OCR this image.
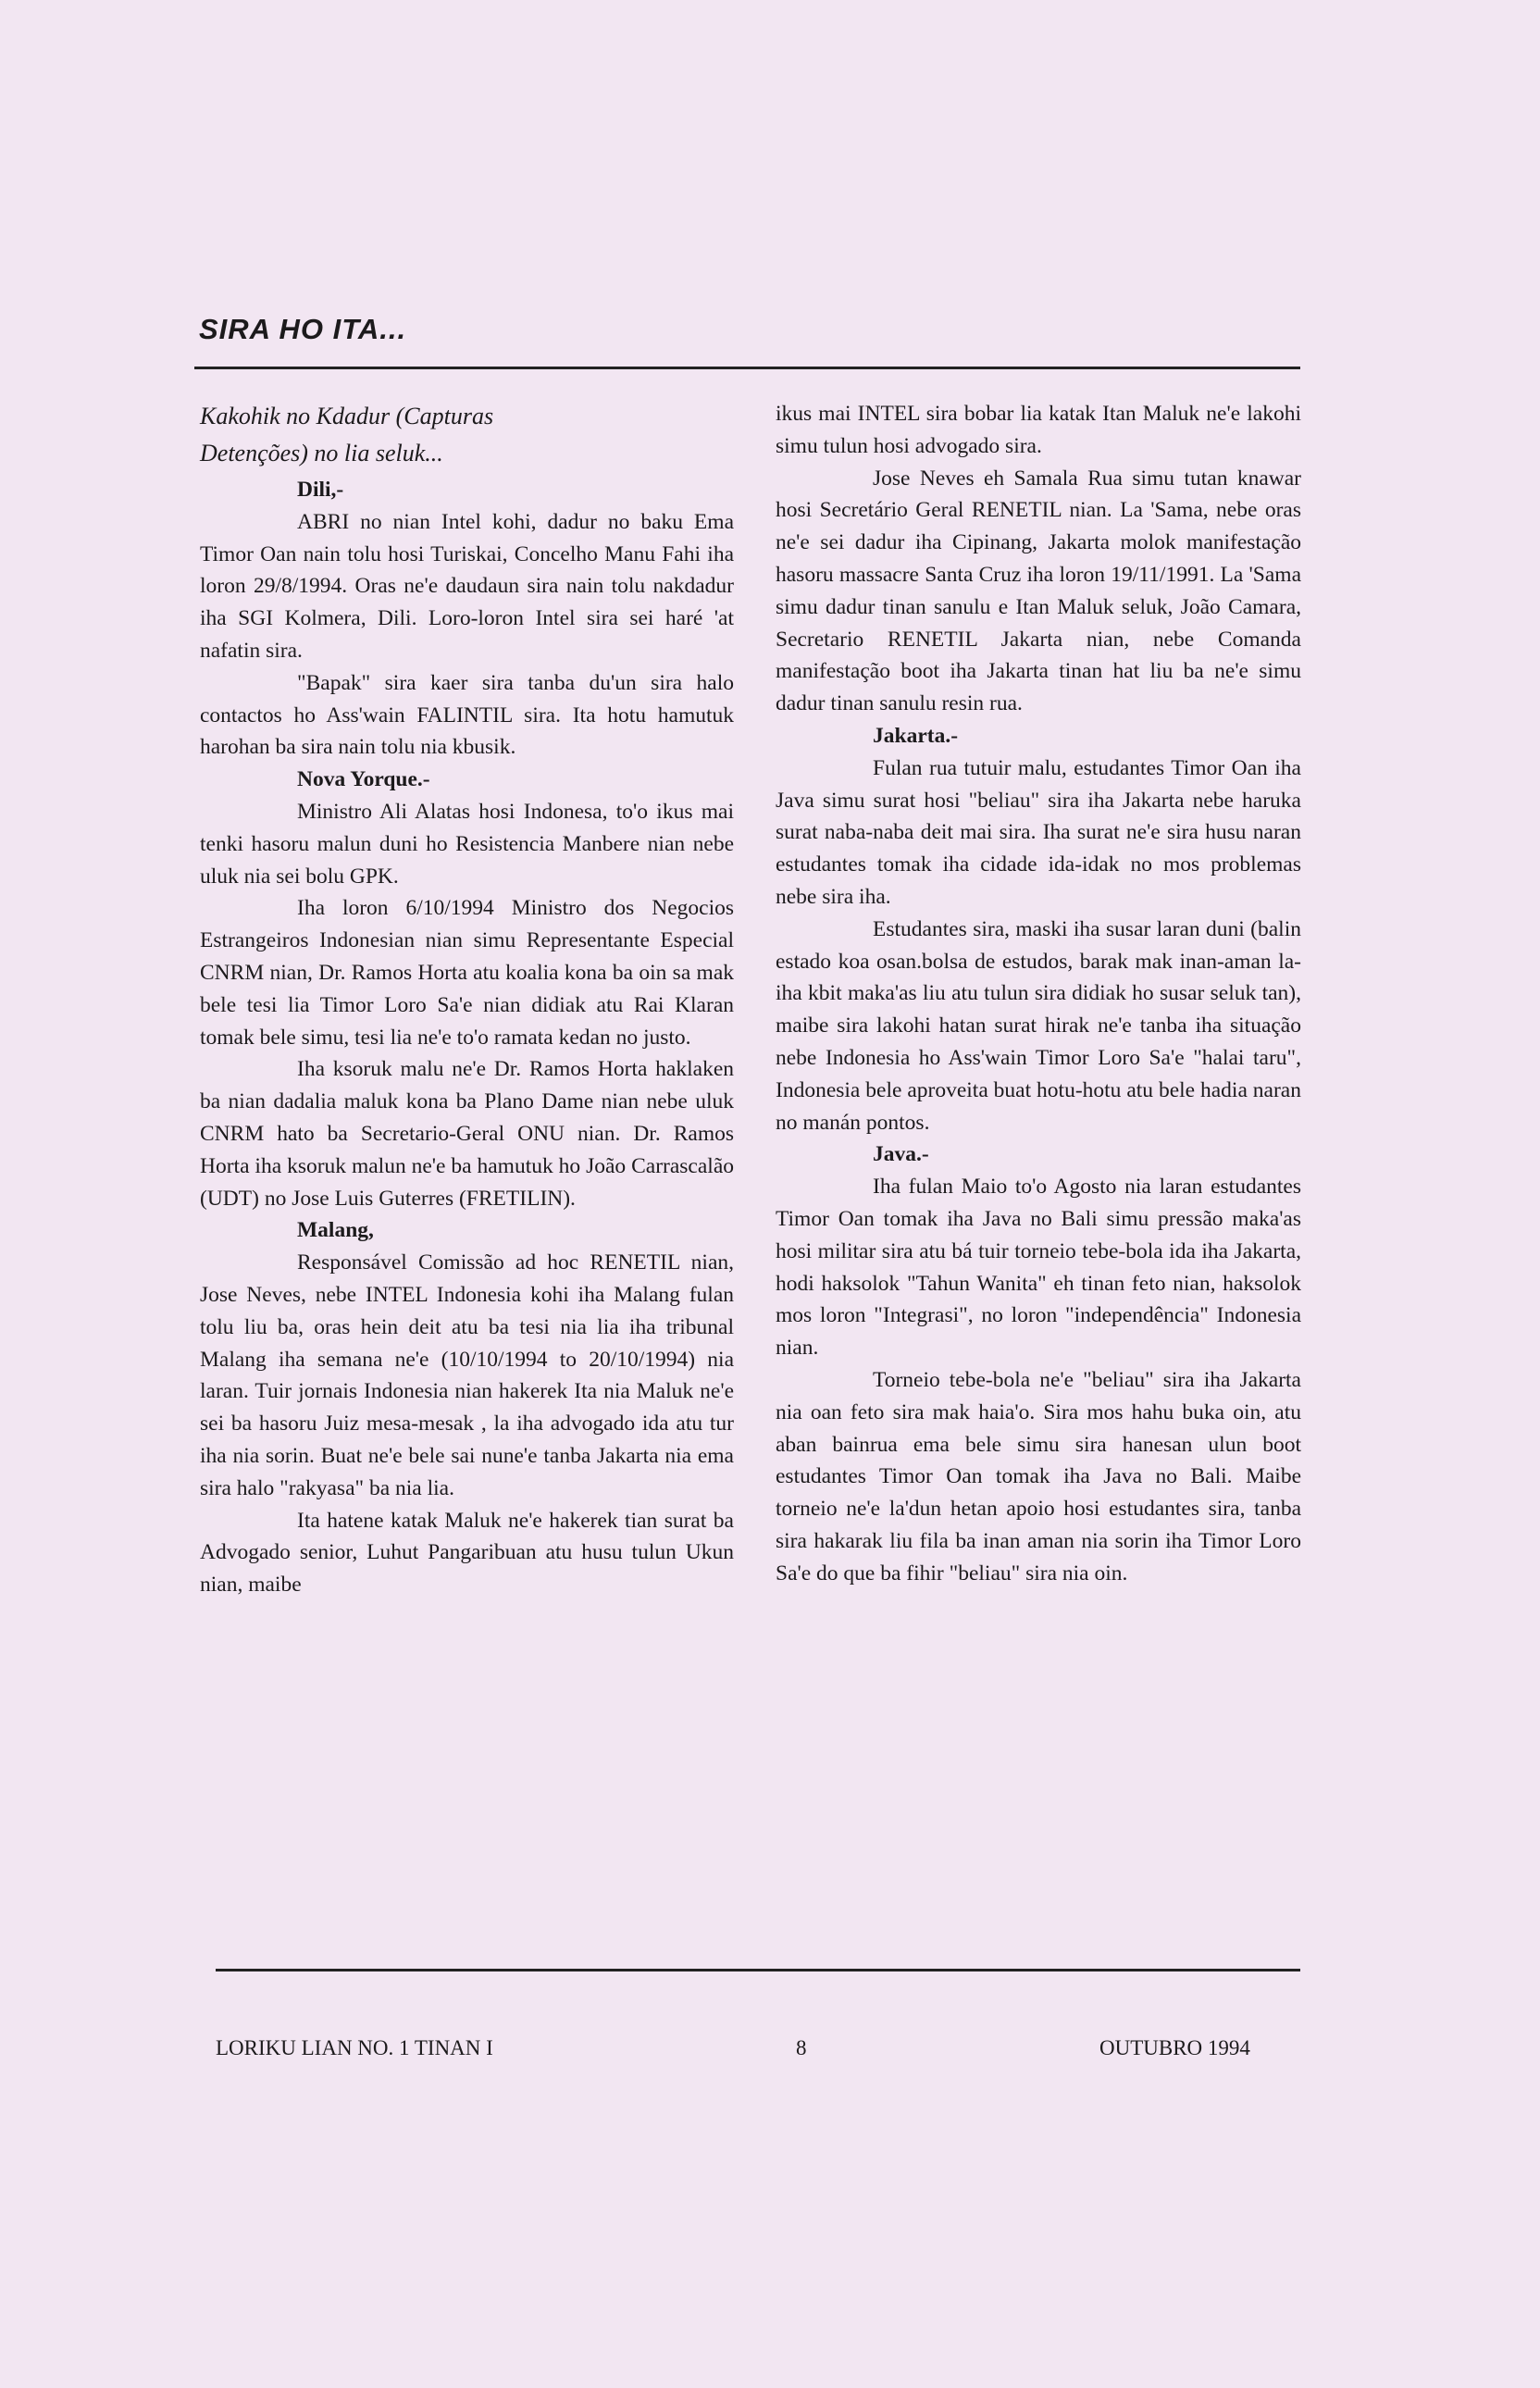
SIRA HO ITA...
Kakohik no Kdadur (Capturas
Detenções) no lia seluk...

Dili,-

ABRI no nian Intel kohi, dadur no baku Ema Timor Oan nain tolu hosi Turiskai, Concelho Manu Fahi iha loron 29/8/1994. Oras ne'e daudaun sira nain tolu nakdadur iha SGI Kolmera, Dili. Loro-loron Intel sira sei haré 'at nafatin sira.

"Bapak" sira kaer sira tanba du'un sira halo contactos ho Ass'wain FALINTIL sira. Ita hotu hamutuk harohan ba sira nain tolu nia kbusik.

Nova Yorque.-

Ministro Ali Alatas hosi Indonesa, to'o ikus mai tenki hasoru malun duni ho Resistencia Manbere nian nebe uluk nia sei bolu GPK.

Iha loron 6/10/1994 Ministro dos Negocios Estrangeiros Indonesian nian simu Representante Especial CNRM nian, Dr. Ramos Horta atu koalia kona ba oin sa mak bele tesi lia Timor Loro Sa'e nian didiak atu Rai Klaran tomak bele simu, tesi lia ne'e to'o ramata kedan no justo.

Iha ksoruk malu ne'e Dr. Ramos Horta haklaken ba nian dadalia maluk kona ba Plano Dame nian nebe uluk CNRM hato ba Secretario-Geral ONU nian. Dr. Ramos Horta iha ksoruk malun ne'e ba hamutuk ho João Carrascalão (UDT) no Jose Luis Guterres (FRETILIN).

Malang,

Responsável Comissão ad hoc RENETIL nian, Jose Neves, nebe INTEL Indonesia kohi iha Malang fulan tolu liu ba, oras hein deit atu ba tesi nia lia iha tribunal Malang iha semana ne'e (10/10/1994 to 20/10/1994) nia laran. Tuir jornais Indonesia nian hakerek Ita nia Maluk ne'e sei ba hasoru Juiz mesa-mesak , la iha advogado ida atu tur iha nia sorin. Buat ne'e bele sai nune'e tanba Jakarta nia ema sira halo "rakyasa" ba nia lia.

Ita hatene katak Maluk ne'e hakerek tian surat ba Advogado senior, Luhut Pangaribuan atu husu tulun Ukun nian, maibe

ikus mai INTEL sira bobar lia katak Itan Maluk ne'e lakohi simu tulun hosi advogado sira.

Jose Neves eh Samala Rua simu tutan knawar hosi Secretário Geral RENETIL nian. La 'Sama, nebe oras ne'e sei dadur iha Cipinang, Jakarta molok manifestação hasoru massacre Santa Cruz iha loron 19/11/1991. La 'Sama simu dadur tinan sanulu e Itan Maluk seluk, João Camara, Secretario RENETIL Jakarta nian, nebe Comanda manifestação boot iha Jakarta tinan hat liu ba ne'e simu dadur tinan sanulu resin rua.

Jakarta.-

Fulan rua tutuir malu, estudantes Timor Oan iha Java simu surat hosi "beliau" sira iha Jakarta nebe haruka surat naba-naba deit mai sira. Iha surat ne'e sira husu naran estudantes tomak iha cidade ida-idak no mos problemas nebe sira iha.

Estudantes sira, maski iha susar laran duni (balin estado koa osan.bolsa de estudos, barak mak inan-aman la-iha kbit maka'as liu atu tulun sira didiak ho susar seluk tan), maibe sira lakohi hatan surat hirak ne'e tanba iha situação nebe Indonesia ho Ass'wain Timor Loro Sa'e "halai taru", Indonesia bele aproveita buat hotu-hotu atu bele hadia naran no manán pontos.

Java.-

Iha fulan Maio to'o Agosto nia laran estudantes Timor Oan tomak iha Java no Bali simu pressão maka'as hosi militar sira atu bá tuir torneio tebe-bola ida iha Jakarta, hodi haksolok "Tahun Wanita" eh tinan feto nian, haksolok mos loron "Integrasi", no loron "independência" Indonesia nian.

Torneio tebe-bola ne'e "beliau" sira iha Jakarta nia oan feto sira mak haia'o. Sira mos hahu buka oin, atu aban bainrua ema bele simu sira hanesan ulun boot estudantes Timor Oan tomak iha Java no Bali. Maibe torneio ne'e la'dun hetan apoio hosi estudantes sira, tanba sira hakarak liu fila ba inan aman nia sorin iha Timor Loro Sa'e do que ba fihir "beliau" sira nia oin.

LORIKU LIAN NO. 1 TINAN I	8	OUTUBRO 1994
